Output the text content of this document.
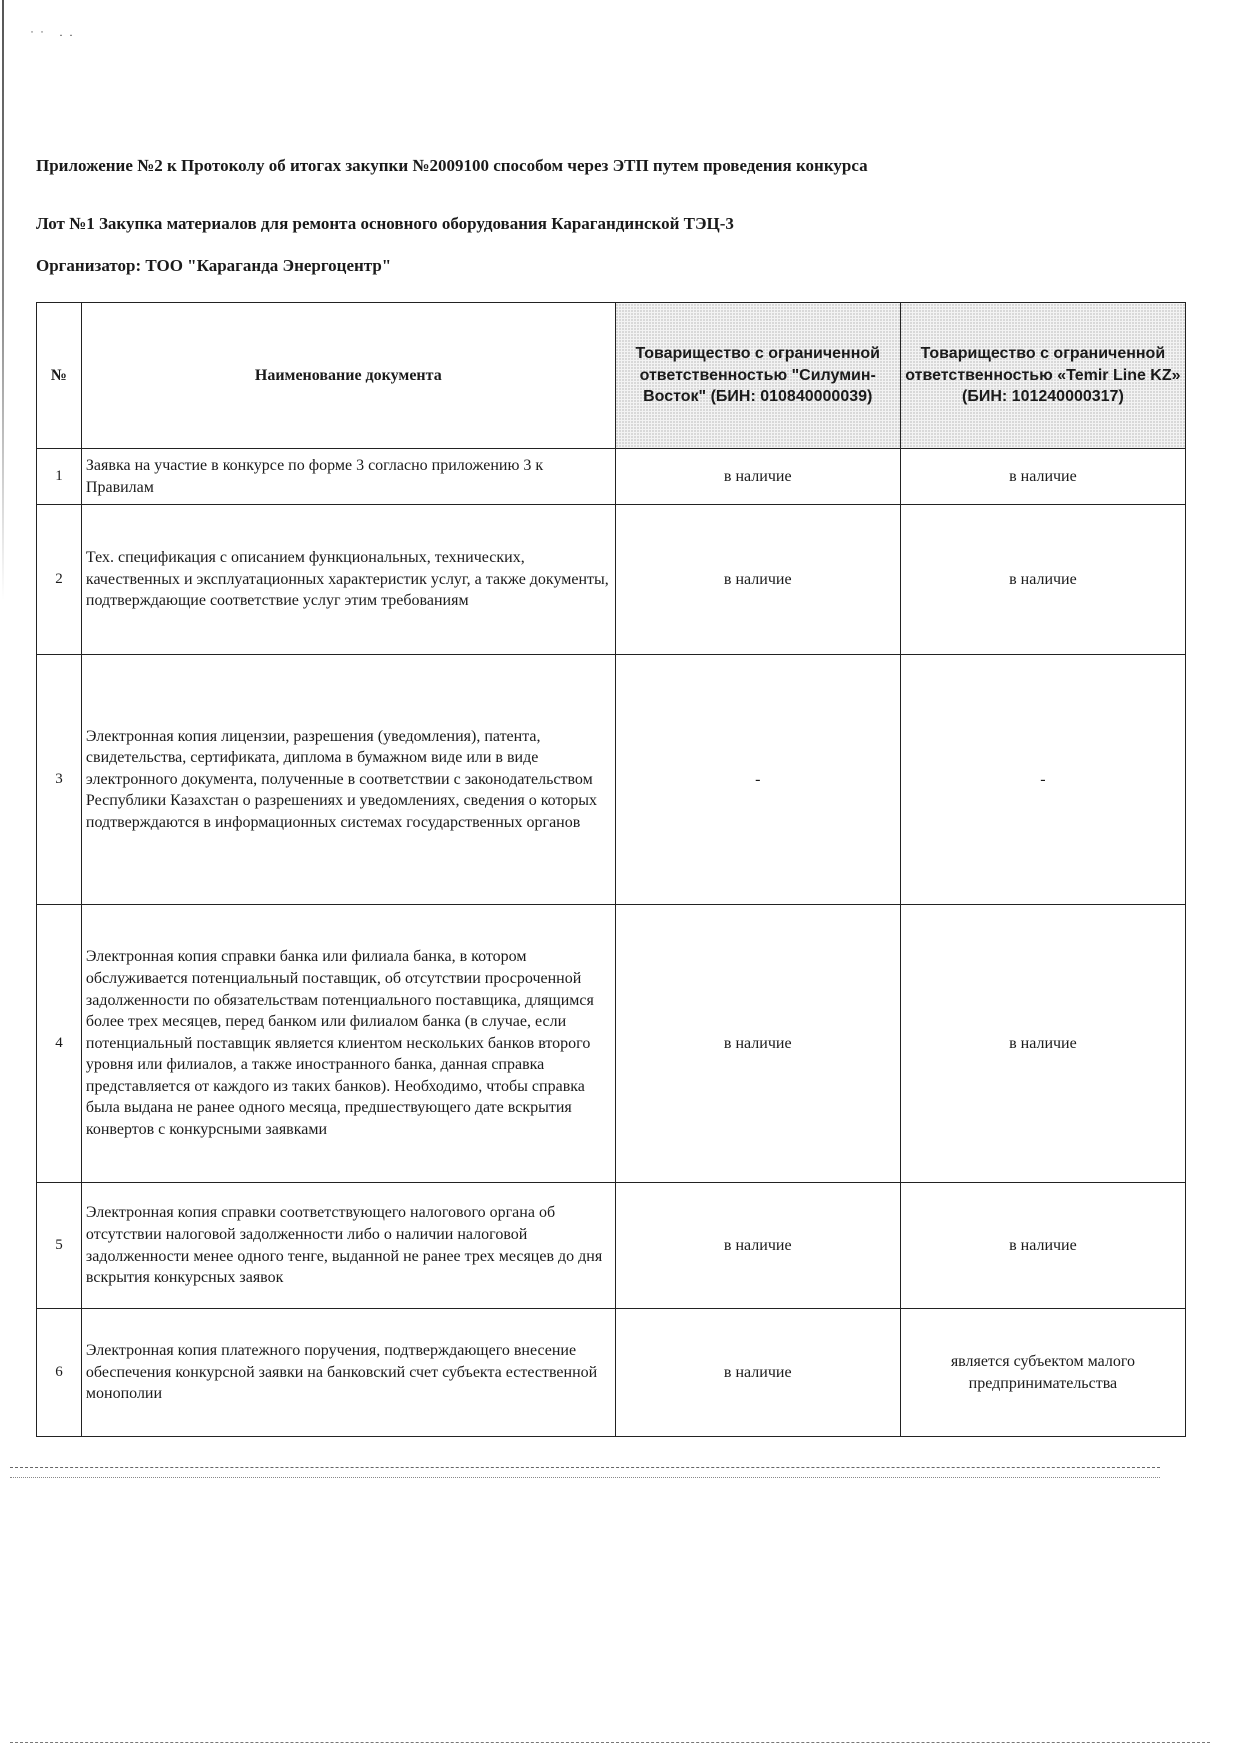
˙˙ ··
Приложение №2 к Протоколу об итогах закупки №2009100 способом через ЭТП путем проведения конкурса
Лот №1 Закупка материалов для ремонта основного оборудования Карагандинской ТЭЦ-3
Организатор: ТОО "Караганда Энергоцентр"
№	Наименование документа	Товарищество с ограниченной ответственностью "Силумин-Восток" (БИН: 010840000039)	Товарищество с ограниченной ответственностью «Temir Line KZ» (БИН: 101240000317)
1	Заявка на участие в конкурсе по форме 3 согласно приложению 3 к Правилам	в наличие	в наличие
2	Тех. спецификация с описанием функциональных, технических, качественных и эксплуатационных характеристик услуг, а также документы, подтверждающие соответствие услуг этим требованиям	в наличие	в наличие
3	Электронная копия лицензии, разрешения (уведомления), патента, свидетельства, сертификата, диплома в бумажном виде или в виде электронного документа, полученные в соответствии с законодательством Республики Казахстан о разрешениях и уведомлениях, сведения о которых подтверждаются в информационных системах государственных органов	-	-
4	Электронная копия справки банка или филиала банка, в котором обслуживается потенциальный поставщик, об отсутствии просроченной задолженности по обязательствам потенциального поставщика, длящимся более трех месяцев, перед банком или филиалом банка (в случае, если потенциальный поставщик является клиентом нескольких банков второго уровня или филиалов, а также иностранного банка, данная справка представляется от каждого из таких банков). Необходимо, чтобы справка была выдана не ранее одного месяца, предшествующего дате вскрытия конвертов с конкурсными заявками	в наличие	в наличие
5	Электронная копия справки соответствующего налогового органа об отсутствии налоговой задолженности либо о наличии налоговой задолженности менее одного тенге, выданной не ранее трех месяцев до дня вскрытия конкурсных заявок	в наличие	в наличие
6	Электронная копия платежного поручения, подтверждающего внесение обеспечения конкурсной заявки на банковский счет субъекта естественной монополии	в наличие	является субъектом малого предпринимательства
